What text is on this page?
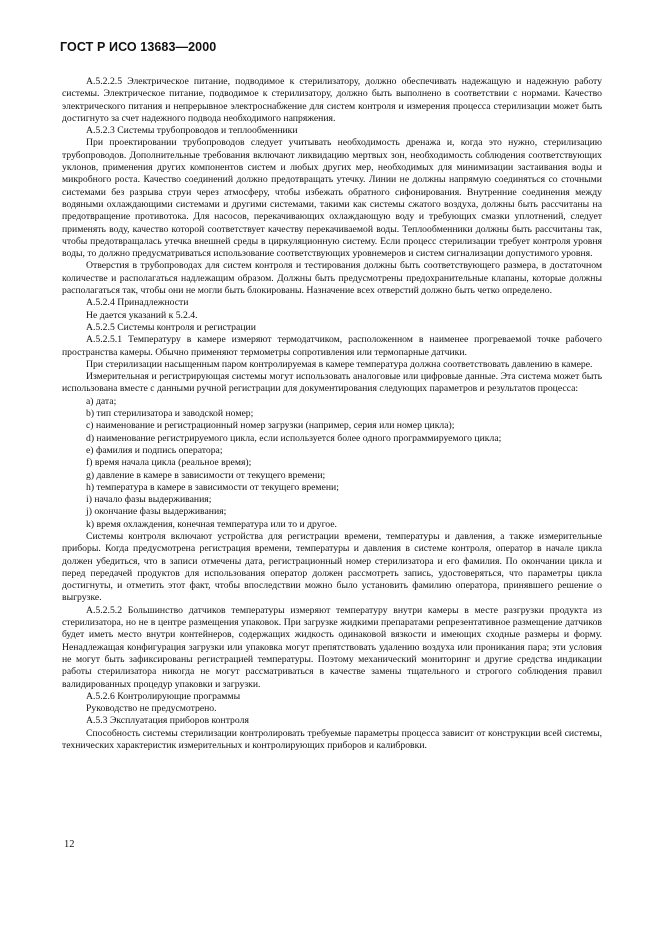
ГОСТ Р ИСО 13683—2000

А.5.2.2.5 Электрическое питание, подводимое к стерилизатору, должно обеспечивать надежащую и надежную работу системы. Электрическое питание, подводимое к стерилизатору, должно быть выполнено в соответствии с нормами. Качество электрического питания и непрерывное электроснабжение для систем контроля и измерения процесса стерилизации может быть достигнуто за счет надежного подвода необходимого напряжения.

А.5.2.3 Системы трубопроводов и теплообменники

При проектировании трубопроводов следует учитывать необходимость дренажа и, когда это нужно, стерилизацию трубопроводов. Дополнительные требования включают ликвидацию мертвых зон, необходимость соблюдения соответствующих уклонов, применения других компонентов систем и любых других мер, необходимых для минимизации застаивания воды и микробного роста. Качество соединений должно предотвращать утечку. Линии не должны напрямую соединяться со сточными системами без разрыва струи через атмосферу, чтобы избежать обратного сифонирования. Внутренние соединения между водяными охлаждающими системами и другими системами, такими как системы сжатого воздуха, должны быть рассчитаны на предотвращение противотока. Для насосов, перекачивающих охлаждающую воду и требующих смазки уплотнений, следует применять воду, качество которой соответствует качеству перекачиваемой воды. Теплообменники должны быть рассчитаны так, чтобы предотвращалась утечка внешней среды в циркуляционную систему. Если процесс стерилизации требует контроля уровня воды, то должно предусматриваться использование соответствующих уровнемеров и систем сигнализации допустимого уровня.

Отверстия в трубопроводах для систем контроля и тестирования должны быть соответствующего размера, в достаточном количестве и располагаться надлежащим образом. Должны быть предусмотрены предохранительные клапаны, которые должны располагаться так, чтобы они не могли быть блокированы. Назначение всех отверстий должно быть четко определено.

А.5.2.4 Принадлежности

Не дается указаний к 5.2.4.

А.5.2.5 Системы контроля и регистрации

А.5.2.5.1 Температуру в камере измеряют термодатчиком, расположенном в наименее прогреваемой точке рабочего пространства камеры. Обычно применяют термометры сопротивления или термопарные датчики.

При стерилизации насыщенным паром контролируемая в камере температура должна соответствовать давлению в камере.

Измерительная и регистрирующая системы могут использовать аналоговые или цифровые данные. Эта система может быть использована вместе с данными ручной регистрации для документирования следующих параметров и результатов процесса:

a) дата;
b) тип стерилизатора и заводской номер;
c) наименование и регистрационный номер загрузки (например, серия или номер цикла);
d) наименование регистрируемого цикла, если используется более одного программируемого цикла;
e) фамилия и подпись оператора;
f) время начала цикла (реальное время);
g) давление в камере в зависимости от текущего времени;
h) температура в камере в зависимости от текущего времени;
i) начало фазы выдерживания;
j) окончание фазы выдерживания;
k) время охлаждения, конечная температура или то и другое.

Системы контроля включают устройства для регистрации времени, температуры и давления, а также измерительные приборы. Когда предусмотрена регистрация времени, температуры и давления в системе контроля, оператор в начале цикла должен убедиться, что в записи отмечены дата, регистрационный номер стерилизатора и его фамилия. По окончании цикла и перед передачей продуктов для использования оператор должен рассмотреть запись, удостоверяться, что параметры цикла достигнуты, и отметить этот факт, чтобы впоследствии можно было установить фамилию оператора, принявшего решение о выгрузке.

А.5.2.5.2 Большинство датчиков температуры измеряют температуру внутри камеры в месте разгрузки продукта из стерилизатора, но не в центре размещения упаковок. При загрузке жидкими препаратами репрезентативное размещение датчиков будет иметь место внутри контейнеров, содержащих жидкость одинаковой вязкости и имеющих сходные размеры и форму. Ненадлежащая конфигурация загрузки или упаковка могут препятствовать удалению воздуха или проникания пара; эти условия не могут быть зафиксированы регистрацией температуры. Поэтому механический мониторинг и другие средства индикации работы стерилизатора никогда не могут рассматриваться в качестве замены тщательного и строгого соблюдения правил валидированных процедур упаковки и загрузки.

А.5.2.6 Контролирующие программы

Руководство не предусмотрено.

А.5.3 Эксплуатация приборов контроля

Способность системы стерилизации контролировать требуемые параметры процесса зависит от конструкции всей системы, технических характеристик измерительных и контролирующих приборов и калибровки.

12
